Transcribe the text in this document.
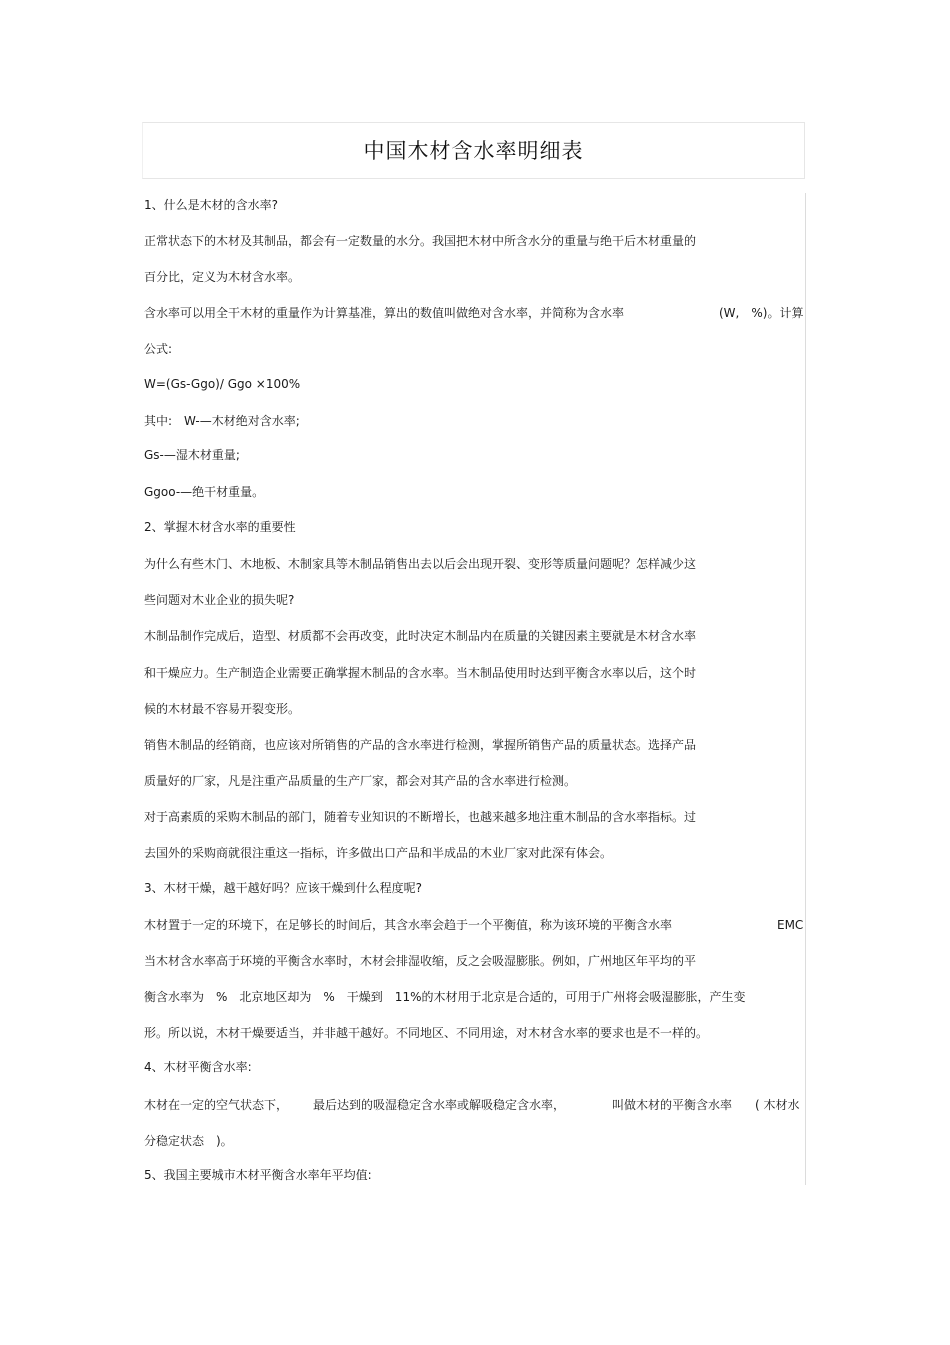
中国木材含水率明细表
1、什么是木材的含水率?
正常状态下的木材及其制品，都会有一定数量的水分。我国把木材中所含水分的重量与绝干后木材重量的
百分比，定义为木材含水率。
含水率可以用全干木材的重量作为计算基准，算出的数值叫做绝对含水率，并简称为含水率	(W,　%)。计算
公式:
W=(Gs-Ggo)/ Ggo ×100%
其中:　W-—木材绝对含水率;
Gs-—湿木材重量;
Ggoo-—绝干材重量。
2、掌握木材含水率的重要性
为什么有些木门、木地板、木制家具等木制品销售出去以后会出现开裂、变形等质量问题呢？怎样减少这
些问题对木业企业的损失呢?
木制品制作完成后，造型、材质都不会再改变，此时决定木制品内在质量的关键因素主要就是木材含水率
和干燥应力。生产制造企业需要正确掌握木制品的含水率。当木制品使用时达到平衡含水率以后，这个时
候的木材最不容易开裂变形。
销售木制品的经销商，也应该对所销售的产品的含水率进行检测，掌握所销售产品的质量状态。选择产品
质量好的厂家，凡是注重产品质量的生产厂家，都会对其产品的含水率进行检测。
对于高素质的采购木制品的部门，随着专业知识的不断增长，也越来越多地注重木制品的含水率指标。过
去国外的采购商就很注重这一指标，许多做出口产品和半成品的木业厂家对此深有体会。
3、木材干燥，越干越好吗？应该干燥到什么程度呢?
木材置于一定的环境下，在足够长的时间后，其含水率会趋于一个平衡值，称为该环境的平衡含水率	EMC
当木材含水率高于环境的平衡含水率时，木材会排湿收缩，反之会吸湿膨胀。例如，广州地区年平均的平
衡含水率为　%　北京地区却为　%　干燥到　11%的木材用于北京是合适的，可用于广州将会吸湿膨胀，产生变
形。所以说，木材干燥要适当，并非越干越好。不同地区、不同用途，对木材含水率的要求也是不一样的。
4、木材平衡含水率:
木材在一定的空气状态下， 最后达到的吸湿稳定含水率或解吸稳定含水率，	叫做木材的平衡含水率 ( 木材水
分稳定状态　)。
5、我国主要城市木材平衡含水率年平均值:
